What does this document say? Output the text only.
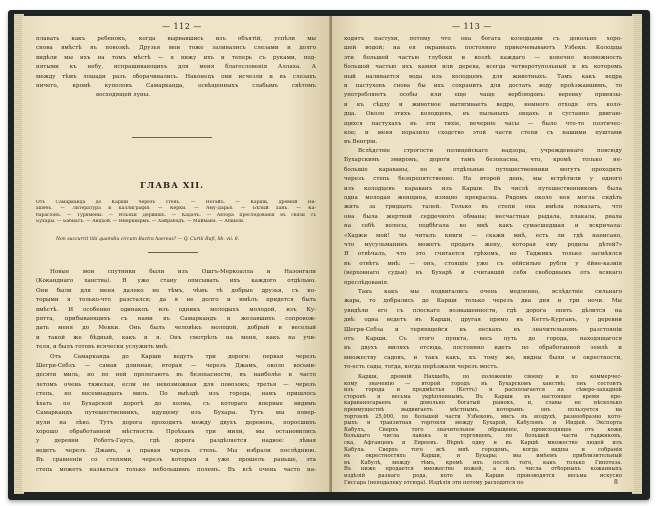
— 112 —
плавать какъ ребенокъ, когда вырвавшись изъ объятій, успѣли мы
снова вмѣстѣ въ повозкѣ. Друзья мои тоже заливались слезами и долго
видѣли мы ихъ на томъ мѣстѣ — я вижу ихъ и теперь съ руками, под-
нятыми къ небу, испрашивающихъ для меня благословенія Аллаха. А
между тѣмъ лошади разъ оборачивались. Наконецъ они исчезли и въ слезахъ
ничего, кромѣ куполовъ Самарканда, освѣщенныхъ слабымъ свѣтомъ
восходящей луны.
ГЛАВА XII.
Отъ Самарканда до Карши черезъ степь. — Ногайъ. — Карши, древній На-
хшебъ. — Литература и каллиграфія. — Керки. — Аму-Дарья. — Бѣлый ханъ. — Ка-
барагіонъ. — Туркмены. — Ильяхи Дервишъ. — Кадачъ. — Автора преследованія въ связи съ
Бухары. — Бабиатъ. — Андхой. — Инерквэрмъ. — Хайрабадъ. — Майманэ. — Апкили.
Non succurrit tibi quamdiu circum Bactra haereas? — Q. Curtii Rufi, lib. vii. 8.
Новые мои спутники были изъ Ошгъ-Меркоалла и Назонгали
(Коканднаго ханства). Я уже стану описывать ихъ каждого отдѣльно.
Они были для меня далеко не тѣмъ, чѣмъ тѣ добрые друзья, съ ко-
торыми я только-что разстался; да я не долго и имѣлъ придется быть
вмѣстѣ. И особенно одинаклъ изъ одникъ молодыхъ молодой, изъ Ку-
рятта, прибывающихъ съ нами въ Самаркандъ и желавшихъ сопровож-
дать меня до Мекки. Онъ былъ человѣкъ молодой, добрый и веселый
и такой же бѣдный, какъ и я. Онъ смотрѣлъ на меня, какъ на учи-
теля, и былъ готовъ всячески услужить мнѣ.
Отъ Самарканда до Карши ведутъ три дороги: первая черезъ
Шегри-Себзъ — самая длинная; вторая — черезъ Джамъ, около восьми-
десяти миль, но по ней пролегаютъ въ безопасности, въ наиболѣе и часто
летомъ очень тяжелая, если не невозможная для повозокъ; третья — черезъ
степь, но восемнадцать миль. По выѣздѣ изъ города, намъ пришлось
ѣхать по Бухарской дорогѣ до холма, съ котораго впервые видимъ
Самаркандъ путешественникъ, идущему изъ Бухары. Тутъ мы повер-
нули на лѣво. Тутъ дорога проходитъ между двухъ деревень, поросшихъ
хорошо обработанной мѣстности. Проѣхавъ три мили, мы остановились
у деревни Роботъ-Гаусъ, гдѣ дорога раздѣляется надвое: лѣвая
ведетъ черезъ Джамъ, а правая черезъ степь. Мы избрали послѣднюю.
Въ сравненіи со степями, черезъ которыя я уже прошелъ раньше, эта
степь можетъ назваться только небольшимъ полемъ. Въ всѣ очень часто на-
— 113 —
ходятъ пастухи, потому что она богата колодцами съ довольно хоро-
шей водой; на ея окраинахъ постоянно прикочевываютъ Узбеки. Колодцы
эти большей частью глубоки и возлѣ каждаго — конечно возможность
большой частью ихъ камня или дерева, всегда четверотупольный и въ которомъ
ный наливается вода изъ колодцевъ для животныхъ. Тамъ какъ ведра
и пастуховъ снова бы ихъ сохранить для достать воду проѣзжавшимъ, то
употребляютъ особы или еще чаще верблюдовъ: веревку привязы-
и къ сѣдлу и животное вытягиваетъ ведро, немного отходя отъ коло-
дца. Около этихъ колодцевъ, въ пыльныхъ овцахъ и сустанно двигаю-
щихся пастухахъ въ эти тихіе, вечерніе часы — было что-то поэтичес-
кое; и меня поразило сходство этой части степи съ нашими пуштами
въ Венгріи.
Вслѣдствіе строгости полицейскаго надзора, учрежденнаго повсюду
Бухарскимъ эмиромъ, дороги тамъ безопасны, что, кромѣ только не-
большіе караваны, но и отдѣльные путешественники могутъ проходить
черезъ степь безпрепятственно. На второй день, мы встрѣтили у одного
изъ колодцевъ караванъ изъ Карши. Въ числѣ путешественниковъ была
одна молодая женщина, изящно прекрасна. Рядомъ около нея могла сидѣть
жить за тридцать талей. Только въ степи она имѣла показать, что
она была жертвой сердечного обмана; несчастная рыдала, плакала, рвала
на себѣ волосы, подбѣгала ко мнѣ какъ сумасшедшая и вскричала:
«Хаджи мой! ты читалъ книги — скажи мнѣ, есть ли гдѣ написано,
что мусульманинъ можетъ продать жену, которая ему родила дѣтей?»
Я отвѣчалъ, что это считается грѣхомъ, но Таджикъ только засмѣялся
въ отвѣтъ мнѣ: — онъ, стоящіе уже съ еёйсилью рубля у ёйне-казиія
(верховнаго судьи) въ Бухарѣ и считавшій себя свободнымъ отъ всякаго
преслѣдованія.
Такъ какъ мы подвигались очень медленно, вслѣдствіе сильнаго
жара, то добрались до Карши только черезъ два дня и три ночи. Мы
увидѣли его съ плоскаго возвышенности, гдѣ дорога опять дѣлится на
двѣ: одна ведетъ въ Карши, другая прямо въ Кеттъ-Курганъ, у деревни
Шегри-Себза и теряющейся въ пескахъ въ значительномъ разстояніи
отъ Карши. Съ этого пункта, весь путь до города, находящагося
въ двухъ миляхъ отсюда, постоянно идетъ по обработанной землѣ и
множеству садовъ, и такъ какъ, къ тому же, видны были и окрестности,
то-есть сады, тогда, когда перѣзжали черезъ мостъ.
Карши, древній Нахшебъ, по положенію своему и по коммерчес-
кому значенію — второй городъ въ Бухарскомъ ханствѣ; онъ состоитъ
изъ города и предмѣстья (Кеттъ) и располагается на сѣверо-западной
сторонѣ и весьма укрѣпленнымъ. Въ Карши въ настоящее время пре-
караваносараевъ и довольно богатый рынокъ, и, славы не нѣсколько
преимуществѣ выдвигаетъ мѣстнымъ, которымъ онъ пользуется на
торговлѣ 25,000, по большей части Узбековъ, мисъ въ воздухѣ, разнообразно кото-
рыхъ и транзитная торговля между Бухарой, Кабуломъ и Индіей. Экспорта
Кабулъ, Сверхъ того значительное обращеніе, происходящее отъ кожи
большаго числа лавокъ и торговцевъ, по большей части таджиковъ,
ска, Афганцевъ и Евреевъ. Вѣрнѣ одну и въ Каршѣ множество людей изъ
Кабула. Сверхъ того всѣ мнѣ городомъ, когда видны и собранія
въ окрестностяхъ Карши, и Бухары; мы имѣемъ приблизительный
въ Кабулѣ, между тѣмъ, кромѣ ихъ послѣ того, какъ только Гипотеза.
Въ ниже продается множество ножей, а изъ числа отборныхъ кожанныхъ
издѣлій разнаго рода, кото въ Карши производятся весьма искусно
Гиссара (неподалеку отсюда). Издѣлія эти потому расходятся по	8
